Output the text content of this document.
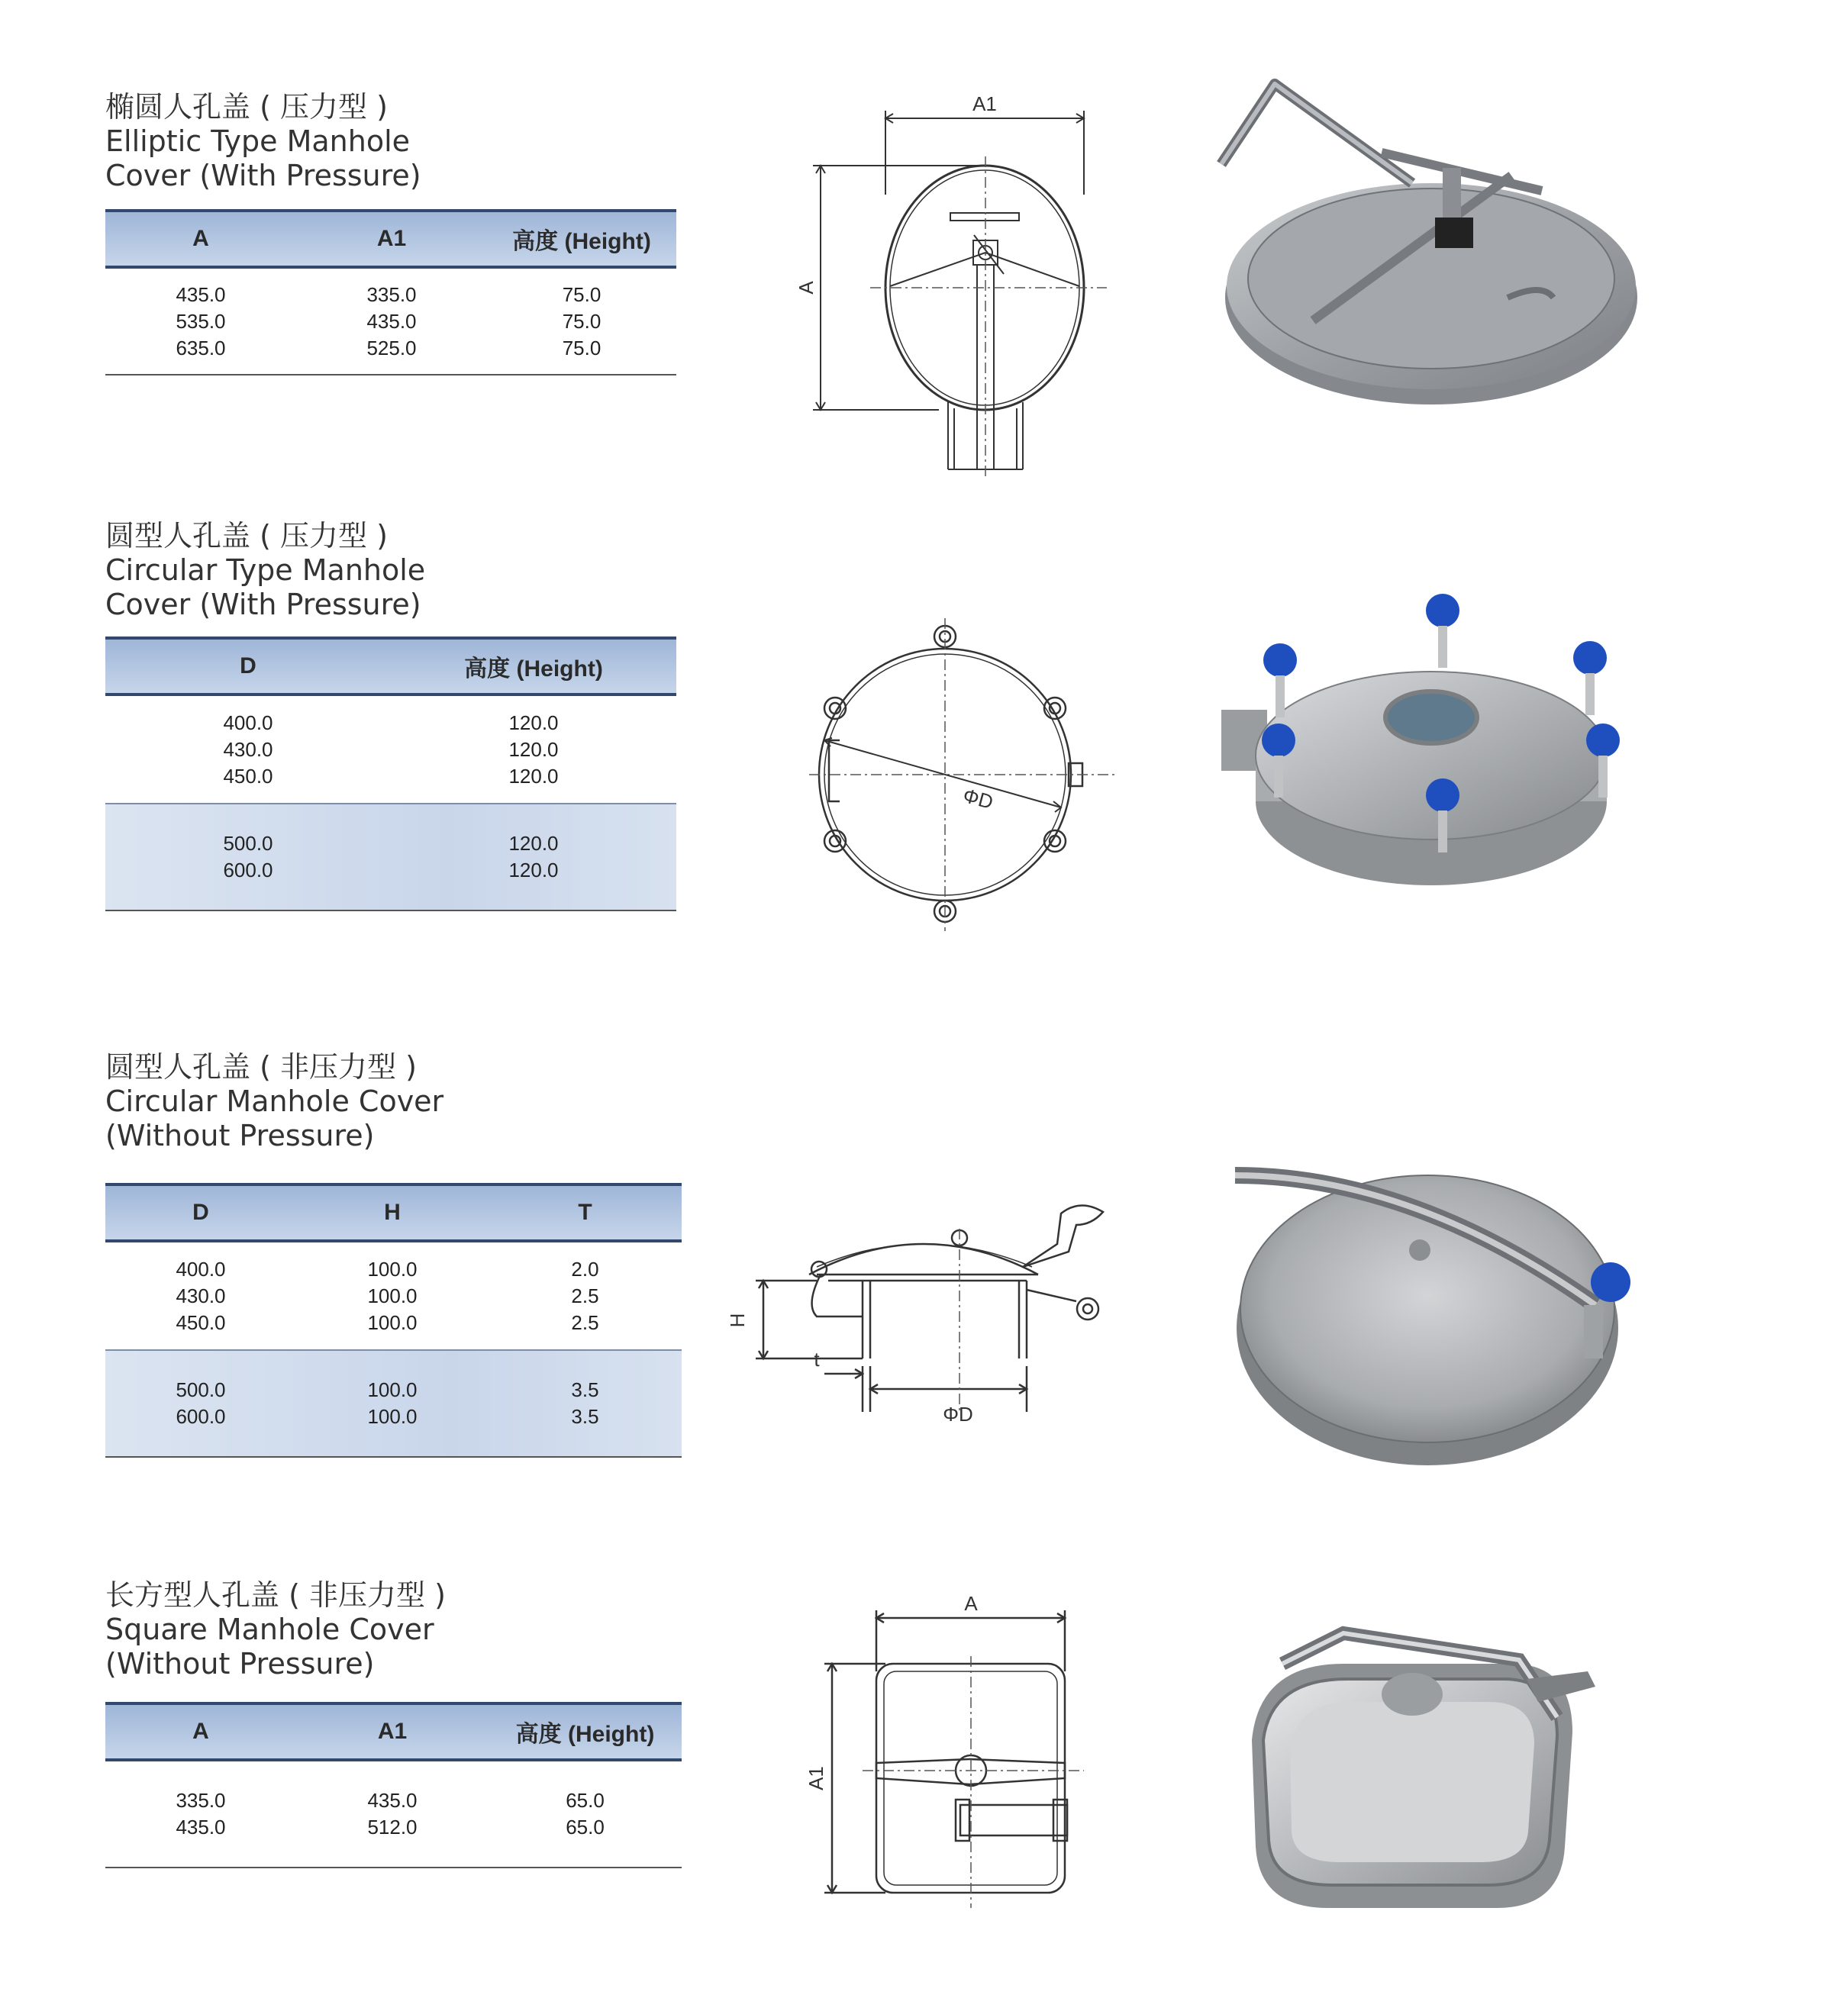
椭圆人孔盖 ( 压力型 )
Elliptic Type Manhole
Cover (With Pressure)
A	A1	高度 (Height)
435.0	335.0	75.0
535.0	435.0	75.0
635.0	525.0	75.0
A1
A
圆型人孔盖 ( 压力型 )
Circular Type Manhole
Cover (With Pressure)
D	高度 (Height)
400.0	120.0
430.0	120.0
450.0	120.0
500.0	120.0
600.0	120.0
ΦD
圆型人孔盖 ( 非压力型 )
Circular Manhole Cover
(Without Pressure)
D	H	T
400.0	100.0	2.0
430.0	100.0	2.5
450.0	100.0	2.5
500.0	100.0	3.5
600.0	100.0	3.5
H
t
ΦD
长方型人孔盖 ( 非压力型 )
Square Manhole Cover
(Without Pressure)
A	A1	高度 (Height)
335.0	435.0	65.0
435.0	512.0	65.0
A
A1
